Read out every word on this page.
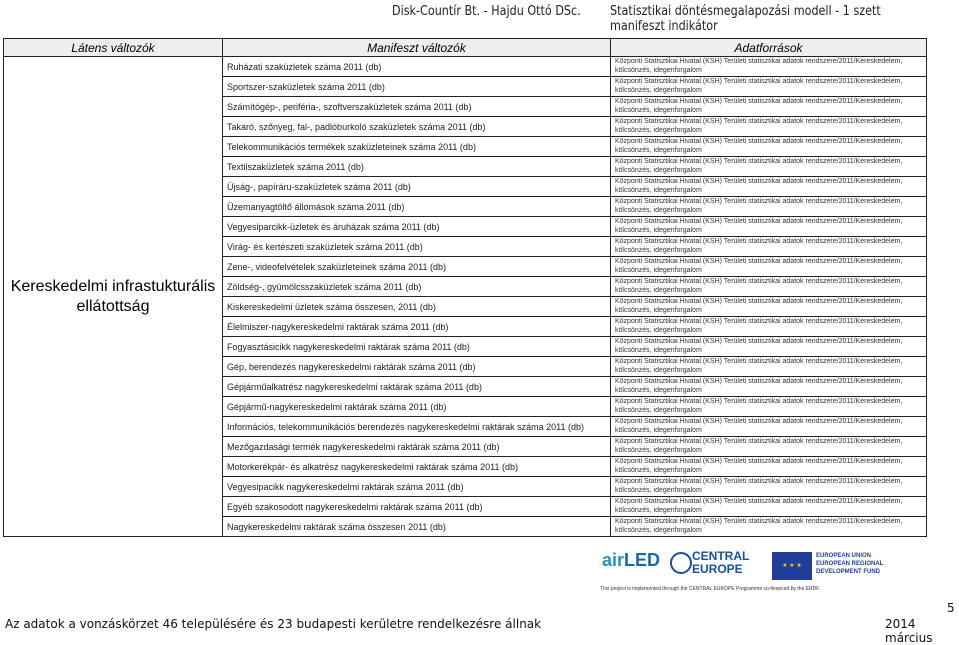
Disk-Countír Bt. - Hajdu Ottó DSc. Statisztikai döntésmegalapozási modell - 1 szett manifeszt indikátor
Látens változók	Manifeszt változók	Adatforrások
Kereskedelmi infrastukturális ellátottság	Ruházati szaküzletek száma 2011 (db)	Központi Statisztikai Hivatal (KSH) Területi statisztikai adatok rendszere/2011/Kereskedelem, kölcsönzés, idegenforgalom
	Sportszer-szaküzletek száma 2011 (db)	Központi Statisztikai Hivatal (KSH) Területi statisztikai adatok rendszere/2011/Kereskedelem, kölcsönzés, idegenforgalom
	Számítógép-, periféria-, szoftverszaküzletek száma 2011 (db)	Központi Statisztikai Hivatal (KSH) Területi statisztikai adatok rendszere/2011/Kereskedelem, kölcsönzés, idegenforgalom
	Takaró, szőnyeg, fal-, padlóburkoló szaküzletek száma 2011 (db)	Központi Statisztikai Hivatal (KSH) Területi statisztikai adatok rendszere/2011/Kereskedelem, kölcsönzés, idegenforgalom
	Telekommunikációs termékek szaküzleteinek száma 2011 (db)	Központi Statisztikai Hivatal (KSH) Területi statisztikai adatok rendszere/2011/Kereskedelem, kölcsönzés, idegenforgalom
	Textilszaküzletek száma 2011 (db)	Központi Statisztikai Hivatal (KSH) Területi statisztikai adatok rendszere/2011/Kereskedelem, kölcsönzés, idegenforgalom
	Újság-, papíráru-szaküzletek száma 2011 (db)	Központi Statisztikai Hivatal (KSH) Területi statisztikai adatok rendszere/2011/Kereskedelem, kölcsönzés, idegenforgalom
	Üzemanyagtöltő állomások száma 2011 (db)	Központi Statisztikai Hivatal (KSH) Területi statisztikai adatok rendszere/2011/Kereskedelem, kölcsönzés, idegenforgalom
	Vegyesiparcikk-üzletek és áruházak száma 2011 (db)	Központi Statisztikai Hivatal (KSH) Területi statisztikai adatok rendszere/2011/Kereskedelem, kölcsönzés, idegenforgalom
	Virág- és kertészeti szaküzletek száma 2011 (db)	Központi Statisztikai Hivatal (KSH) Területi statisztikai adatok rendszere/2011/Kereskedelem, kölcsönzés, idegenforgalom
	Zene-, videofelvételek szaküzleteinek száma 2011 (db)	Központi Statisztikai Hivatal (KSH) Területi statisztikai adatok rendszere/2011/Kereskedelem, kölcsönzés, idegenforgalom
	Zöldség-, gyümölcsszaküzletek száma 2011 (db)	Központi Statisztikai Hivatal (KSH) Területi statisztikai adatok rendszere/2011/Kereskedelem, kölcsönzés, idegenforgalom
	Kiskereskedelmi üzletek száma összesen, 2011 (db)	Központi Statisztikai Hivatal (KSH) Területi statisztikai adatok rendszere/2011/Kereskedelem, kölcsönzés, idegenforgalom
	Élelmiszer-nagykereskedelmi raktárak száma 2011 (db)	Központi Statisztikai Hivatal (KSH) Területi statisztikai adatok rendszere/2011/Kereskedelem, kölcsönzés, idegenforgalom
	Fogyasztásicikk nagykereskedelmi raktárak száma 2011 (db)	Központi Statisztikai Hivatal (KSH) Területi statisztikai adatok rendszere/2011/Kereskedelem, kölcsönzés, idegenforgalom
	Gép, berendezés nagykereskedelmi raktárak száma 2011 (db)	Központi Statisztikai Hivatal (KSH) Területi statisztikai adatok rendszere/2011/Kereskedelem, kölcsönzés, idegenforgalom
	Gépjárműalkatrész nagykereskedelmi raktárak száma 2011 (db)	Központi Statisztikai Hivatal (KSH) Területi statisztikai adatok rendszere/2011/Kereskedelem, kölcsönzés, idegenforgalom
	Gépjármű-nagykereskedelmi raktárak száma 2011 (db)	Központi Statisztikai Hivatal (KSH) Területi statisztikai adatok rendszere/2011/Kereskedelem, kölcsönzés, idegenforgalom
	Információs, telekommunikációs berendezés nagykereskedelmi raktárak száma 2011 (db)	Központi Statisztikai Hivatal (KSH) Területi statisztikai adatok rendszere/2011/Kereskedelem, kölcsönzés, idegenforgalom
	Mezőgazdasági termék nagykereskedelmi raktárak száma 2011 (db)	Központi Statisztikai Hivatal (KSH) Területi statisztikai adatok rendszere/2011/Kereskedelem, kölcsönzés, idegenforgalom
	Motorkerékpár- és alkatrész nagykereskedelmi raktárak száma 2011 (db)	Központi Statisztikai Hivatal (KSH) Területi statisztikai adatok rendszere/2011/Kereskedelem, kölcsönzés, idegenforgalom
	Vegyesipacikk nagykereskedelmi raktárak száma 2011 (db)	Központi Statisztikai Hivatal (KSH) Területi statisztikai adatok rendszere/2011/Kereskedelem, kölcsönzés, idegenforgalom
	Egyéb szakosodott nagykereskedelmi raktárak száma 2011 (db)	Központi Statisztikai Hivatal (KSH) Területi statisztikai adatok rendszere/2011/Kereskedelem, kölcsönzés, idegenforgalom
	Nagykereskedelmi raktárak száma összesen 2011 (db)	Központi Statisztikai Hivatal (KSH) Területi statisztikai adatok rendszere/2011/Kereskedelem, kölcsönzés, idegenforgalom
airLED	CENTRAL
EUROPE	★ ★ ★
EUROPEAN UNION
EUROPEAN REGIONAL
DEVELOPMENT FUND
This project is implemented through the CENTRAL EUROPE Programme co-financed by the ERDF.
Az adatok a vonzáskörzet 46 településére és 23 budapesti kerületre rendelkezésre állnak
5
2014 március
